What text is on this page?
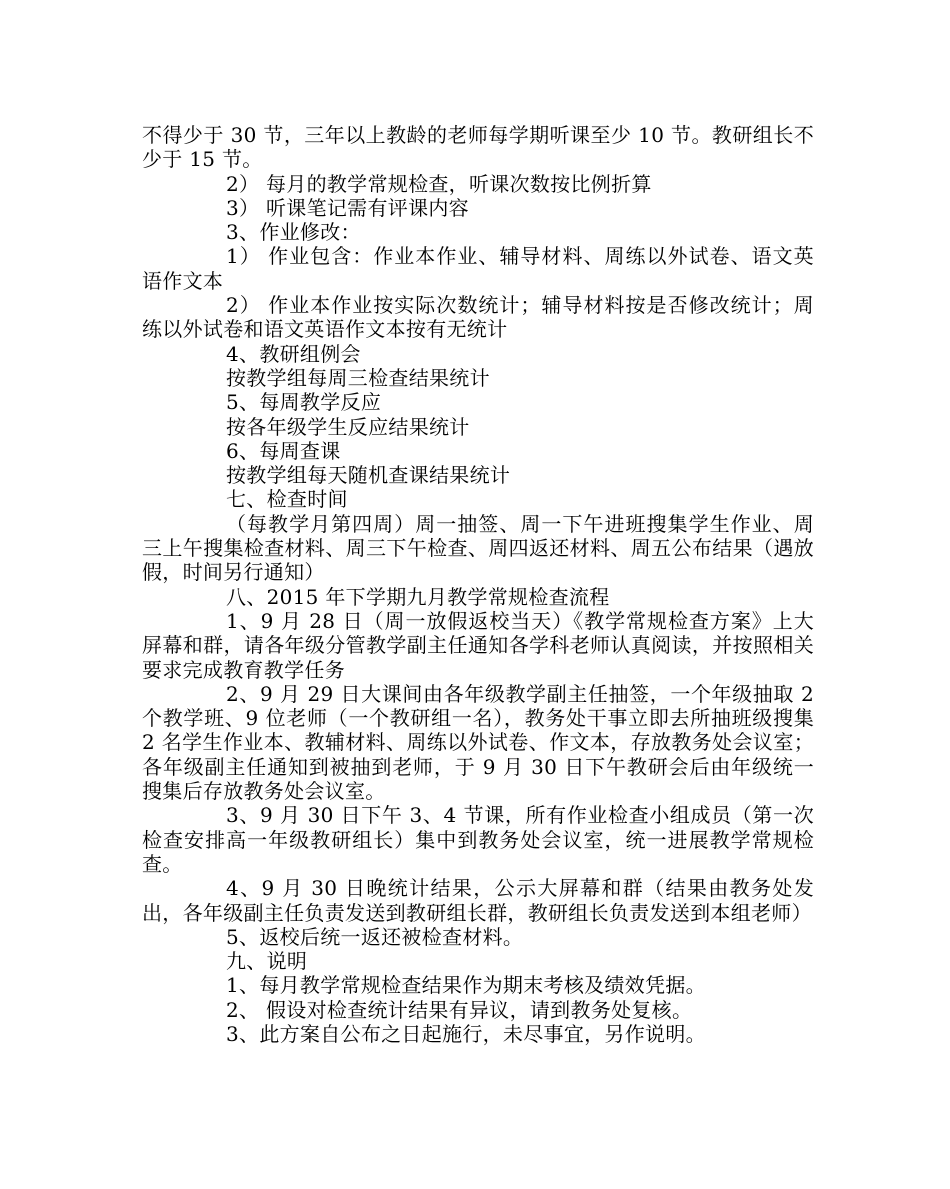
不得少于 30 节，三年以上教龄的老师每学期听课至少 10 节。教研组长不少于 15 节。

2） 每月的教学常规检查，听课次数按比例折算

3） 听课笔记需有评课内容

3、作业修改：

1） 作业包含：作业本作业、辅导材料、周练以外试卷、语文英语作文本

2） 作业本作业按实际次数统计；辅导材料按是否修改统计；周练以外试卷和语文英语作文本按有无统计

4、教研组例会

按教学组每周三检查结果统计

5、每周教学反应

按各年级学生反应结果统计

6、每周查课

按教学组每天随机查课结果统计

七、检查时间

（每教学月第四周）周一抽签、周一下午进班搜集学生作业、周三上午搜集检查材料、周三下午检查、周四返还材料、周五公布结果（遇放假，时间另行通知）

八、2015 年下学期九月教学常规检查流程

1、9 月 28 日（周一放假返校当天）《教学常规检查方案》上大屏幕和群，请各年级分管教学副主任通知各学科老师认真阅读，并按照相关要求完成教育教学任务

2、9 月 29 日大课间由各年级教学副主任抽签，一个年级抽取 2 个教学班、9 位老师（一个教研组一名），教务处干事立即去所抽班级搜集 2 名学生作业本、教辅材料、周练以外试卷、作文本，存放教务处会议室；各年级副主任通知到被抽到老师，于 9 月 30 日下午教研会后由年级统一搜集后存放教务处会议室。

3、9 月 30 日下午 3、4 节课，所有作业检查小组成员（第一次检查安排高一年级教研组长）集中到教务处会议室，统一进展教学常规检查。

4、9 月 30 日晚统计结果，公示大屏幕和群（结果由教务处发出，各年级副主任负责发送到教研组长群，教研组长负责发送到本组老师）

5、返校后统一返还被检查材料。

九、说明

1、每月教学常规检查结果作为期末考核及绩效凭据。

2、 假设对检查统计结果有异议，请到教务处复核。

3、此方案自公布之日起施行，未尽事宜，另作说明。
